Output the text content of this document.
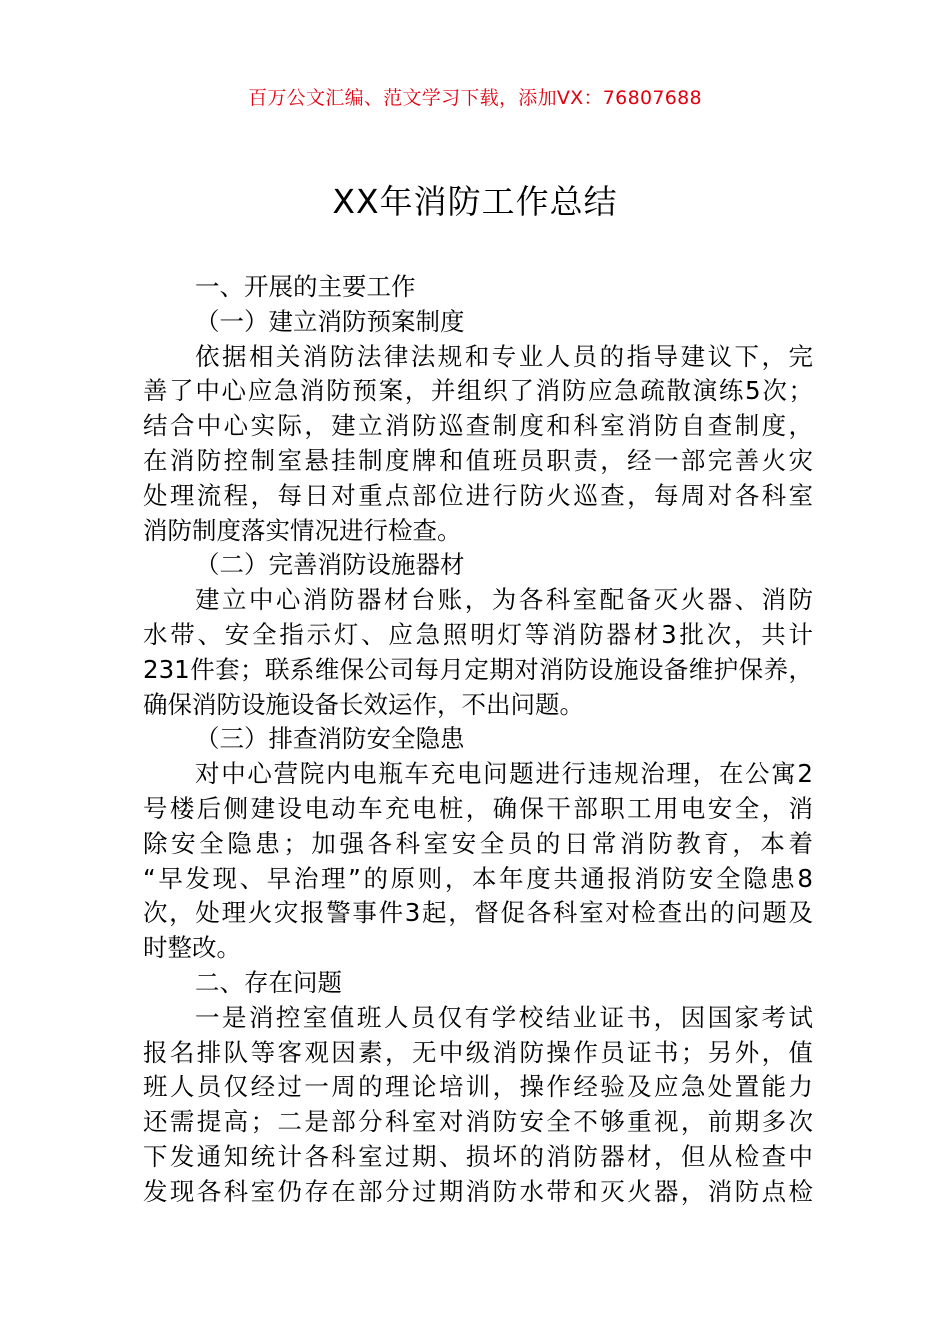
百万公文汇编、范文学习下载，添加VX：76807688
XX年消防工作总结
一、开展的主要工作
（一）建立消防预案制度
依据相关消防法律法规和专业人员的指导建议下，完
善了中心应急消防预案，并组织了消防应急疏散演练5次；
结合中心实际，建立消防巡查制度和科室消防自查制度，
在消防控制室悬挂制度牌和值班员职责，经一部完善火灾
处理流程，每日对重点部位进行防火巡查，每周对各科室
消防制度落实情况进行检查。
（二）完善消防设施器材
建立中心消防器材台账，为各科室配备灭火器、消防
水带、安全指示灯、应急照明灯等消防器材3批次，共计
231件套；联系维保公司每月定期对消防设施设备维护保养，
确保消防设施设备长效运作，不出问题。
（三）排查消防安全隐患
对中心营院内电瓶车充电问题进行违规治理，在公寓2
号楼后侧建设电动车充电桩，确保干部职工用电安全，消
除安全隐患；加强各科室安全员的日常消防教育，本着
“早发现、早治理”的原则，本年度共通报消防安全隐患8
次，处理火灾报警事件3起，督促各科室对检查出的问题及
时整改。
二、存在问题
一是消控室值班人员仅有学校结业证书，因国家考试
报名排队等客观因素，无中级消防操作员证书；另外，值
班人员仅经过一周的理论培训，操作经验及应急处置能力
还需提高；二是部分科室对消防安全不够重视，前期多次
下发通知统计各科室过期、损坏的消防器材，但从检查中
发现各科室仍存在部分过期消防水带和灭火器，消防点检
